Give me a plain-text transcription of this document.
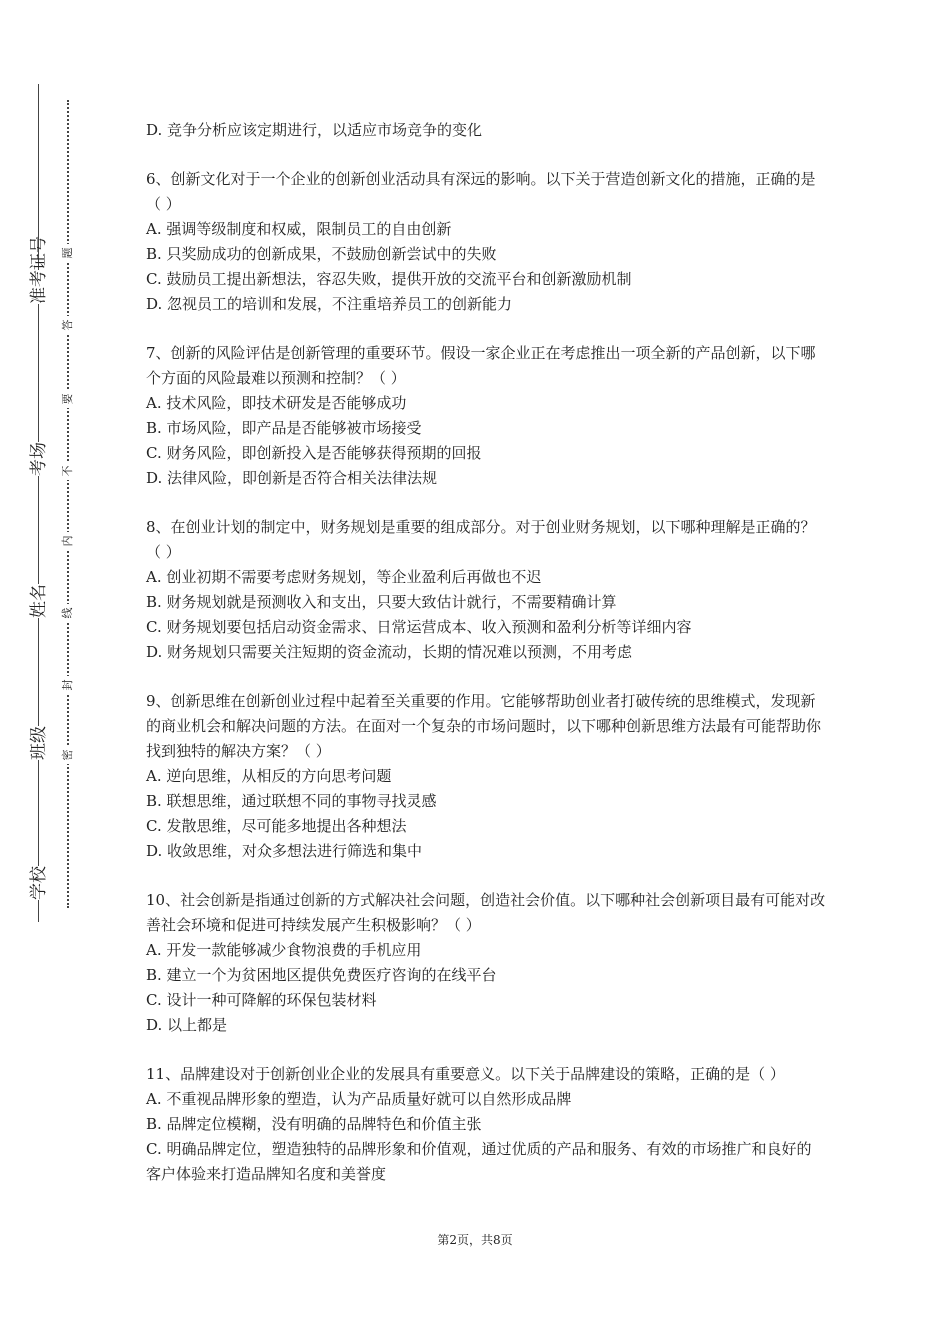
准考证号
考场
姓名
班级
学校
题
答
要
不
内
线
封
密

D. 竞争分析应该定期进行，以适应市场竞争的变化

6、创新文化对于一个企业的创新创业活动具有深远的影响。以下关于营造创新文化的措施，正确的是（ ）

A. 强调等级制度和权威，限制员工的自由创新

B. 只奖励成功的创新成果，不鼓励创新尝试中的失败

C. 鼓励员工提出新想法，容忍失败，提供开放的交流平台和创新激励机制

D. 忽视员工的培训和发展，不注重培养员工的创新能力

7、创新的风险评估是创新管理的重要环节。假设一家企业正在考虑推出一项全新的产品创新，以下哪个方面的风险最难以预测和控制？（ ）

A. 技术风险，即技术研发是否能够成功

B. 市场风险，即产品是否能够被市场接受

C. 财务风险，即创新投入是否能够获得预期的回报

D. 法律风险，即创新是否符合相关法律法规

8、在创业计划的制定中，财务规划是重要的组成部分。对于创业财务规划，以下哪种理解是正确的？（ ）

A. 创业初期不需要考虑财务规划，等企业盈利后再做也不迟

B. 财务规划就是预测收入和支出，只要大致估计就行，不需要精确计算

C. 财务规划要包括启动资金需求、日常运营成本、收入预测和盈利分析等详细内容

D. 财务规划只需要关注短期的资金流动，长期的情况难以预测，不用考虑

9、创新思维在创新创业过程中起着至关重要的作用。它能够帮助创业者打破传统的思维模式，发现新的商业机会和解决问题的方法。在面对一个复杂的市场问题时，以下哪种创新思维方法最有可能帮助你找到独特的解决方案？（ ）

A. 逆向思维，从相反的方向思考问题

B. 联想思维，通过联想不同的事物寻找灵感

C. 发散思维，尽可能多地提出各种想法

D. 收敛思维，对众多想法进行筛选和集中

10、社会创新是指通过创新的方式解决社会问题，创造社会价值。以下哪种社会创新项目最有可能对改善社会环境和促进可持续发展产生积极影响？（ ）

A. 开发一款能够减少食物浪费的手机应用

B. 建立一个为贫困地区提供免费医疗咨询的在线平台

C. 设计一种可降解的环保包装材料

D. 以上都是

11、品牌建设对于创新创业企业的发展具有重要意义。以下关于品牌建设的策略，正确的是（ ）

A. 不重视品牌形象的塑造，认为产品质量好就可以自然形成品牌

B. 品牌定位模糊，没有明确的品牌特色和价值主张

C. 明确品牌定位，塑造独特的品牌形象和价值观，通过优质的产品和服务、有效的市场推广和良好的客户体验来打造品牌知名度和美誉度

第2页，共8页
